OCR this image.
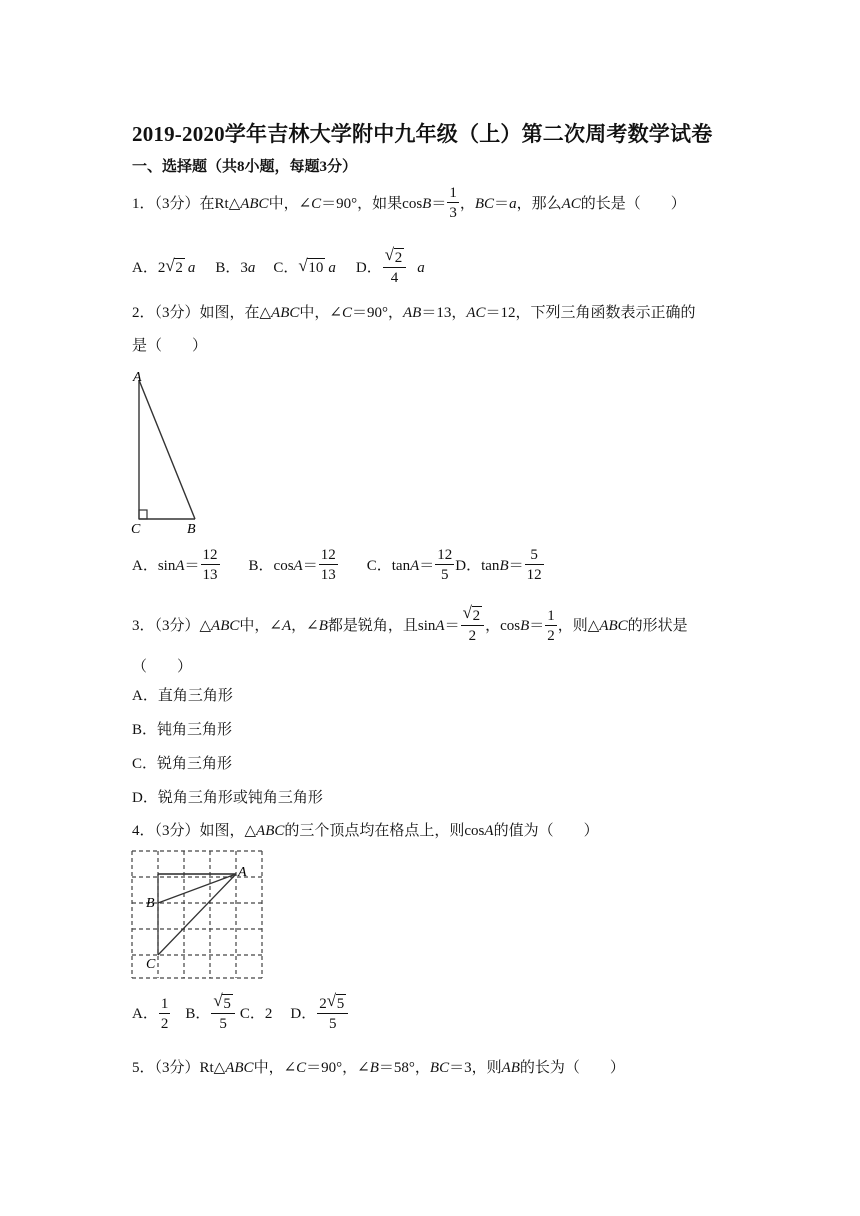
2019-2020学年吉林大学附中九年级（上）第二次周考数学试卷
一、选择题（共8小题，每题3分）
1．（3分）在 Rt△ ABC 中，∠ C ＝90°，如果$\cos B = \frac{1}{3}$ ， BC ＝ a ，那么 AC 的长是（　　）
A．2 √ 2 a B．3 a C． √ 10 a D． $\frac{√ 2}{4}$ a
2．（3分）如图，在△ABC中，∠C＝90°，AB＝13，AC＝12，下列三角函数表示正确的
是（　　）
A
C	B
A．$\sin A = \frac{12}{13}$ B．$\cos A = \frac{12}{13}$ C．$\tan A = \frac{12}{5}$ D．$\tan B = \frac{5}{12}$
3．（3分）△ ABC 中，∠ A ，∠ B 都是锐角，且$\sin A = \frac{√ 2}{2}$ ，$\cos B = \frac{1}{2}$ ，则△ ABC 的形状是
（　　）
A．直角三角形
B．钝角三角形
C．锐角三角形
D．锐角三角形或钝角三角形
4．（3分）如图，△ABC的三个顶点均在格点上，则cosA的值为（　　）
A
B
C
A． $\frac{1}{2}$ B． $\frac{√ 5}{5}$ C．2 D． $\frac{2 √ 5}{5}$
5．（3分）Rt△ABC中，∠C＝90°，∠B＝58°，BC＝3，则AB的长为（　　）
